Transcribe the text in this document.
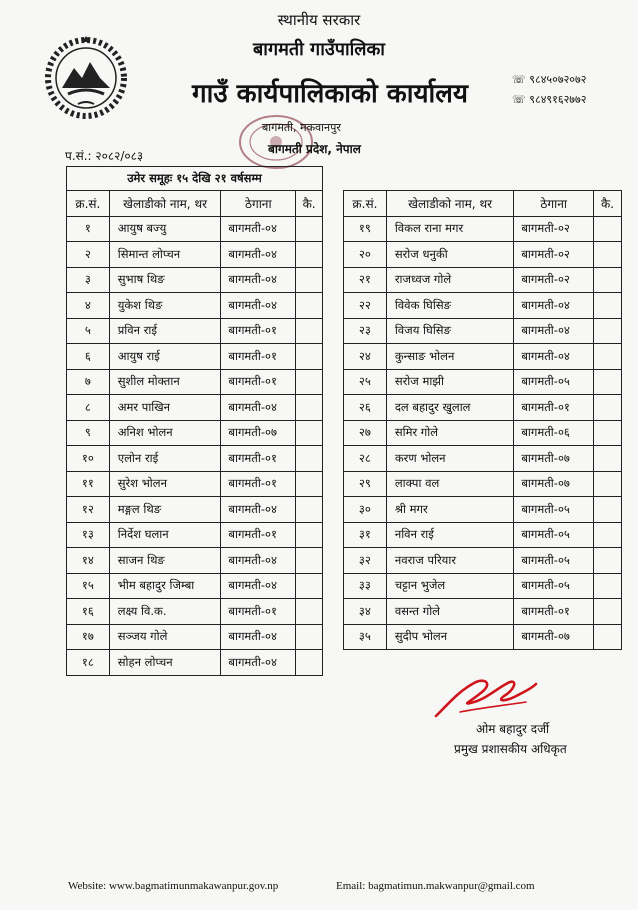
स्थानीय सरकार
बागमती गाउँपालिका
गाउँ कार्यपालिकाको कार्यालय	☏ ९८४५०७२०७२
☏ ९८४९१६२७७२
बागमती, मकवानपुर
बागमती प्रदेश, नेपाल
प.सं.: २०८२/०८३
उमेर समूहः १५ देखि २१ वर्षसम्म			
क्र.सं.	खेलाडीको नाम, थर	ठेगाना	कै.
१	आयुष बज्यु	बागमती-०४	
२	सिमान्त लोप्चन	बागमती-०४	
३	सुभाष थिङ	बागमती-०४	
४	युकेश थिङ	बागमती-०४	
५	प्रविन राई	बागमती-०१	
६	आयुष राई	बागमती-०१	
७	सुशील मोक्तान	बागमती-०१	
८	अमर पाखिन	बागमती-०४	
९	अनिश भोलन	बागमती-०७	
१०	एलोन राई	बागमती-०१	
११	सुरेश भोलन	बागमती-०१	
१२	मङ्गल थिङ	बागमती-०४	
१३	निर्देश घलान	बागमती-०१	
१४	साजन थिङ	बागमती-०४	
१५	भीम बहादुर जिम्बा	बागमती-०४	
१६	लक्ष्य वि.क.	बागमती-०१	
१७	सञ्जय गोले	बागमती-०४	
१८	सोहन लोप्चन	बागमती-०४	
क्र.सं.	खेलाडीको नाम, थर	ठेगाना	कै.
१९	विकल राना मगर	बागमती-०२	
२०	सरोज धनुकी	बागमती-०२	
२१	राजध्वज गोले	बागमती-०२	
२२	विवेक घिसिङ	बागमती-०४	
२३	विजय घिसिङ	बागमती-०४	
२४	कुन्साङ भोलन	बागमती-०४	
२५	सरोज माझी	बागमती-०५	
२६	दल बहादुर खुलाल	बागमती-०१	
२७	समिर गोले	बागमती-०६	
२८	करण भोलन	बागमती-०७	
२९	लाक्पा वल	बागमती-०७	
३०	श्री मगर	बागमती-०५	
३१	नविन राई	बागमती-०५	
३२	नवराज परियार	बागमती-०५	
३३	चट्टान भुजेल	बागमती-०५	
३४	वसन्त गोले	बागमती-०१	
३५	सुदीप भोलन	बागमती-०७	
ओम बहादुर दर्जी
प्रमुख प्रशासकीय अधिकृत
Website: www.bagmatimunmakawanpur.gov.np	Email: bagmatimun.makwanpur@gmail.com
